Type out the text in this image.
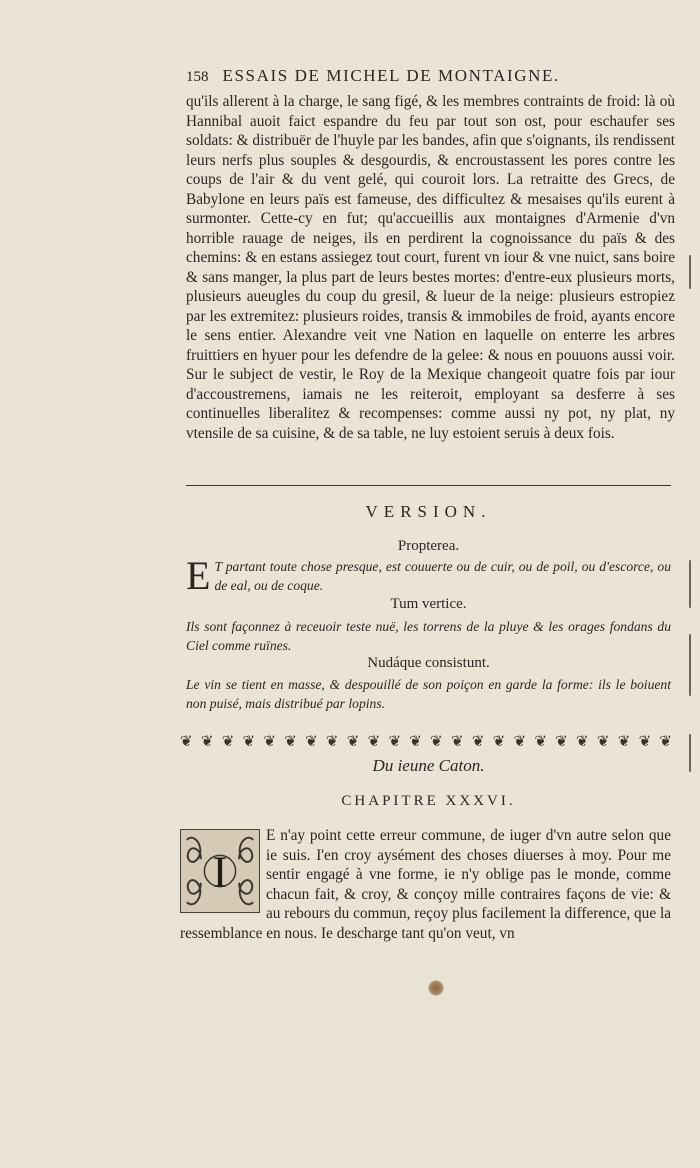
158 ESSAIS DE MICHEL DE MONTAIGNE.

qu'ils allerent à la charge, le sang figé, & les membres contraints de froid: là où Hannibal auoit faict espandre du feu par tout son ost, pour eschaufer ses soldats: & distribuër de l'huyle par les bandes, afin que s'oignants, ils rendissent leurs nerfs plus souples & desgourdis, & encroustassent les pores contre les coups de l'air & du vent gelé, qui couroit lors. La retraitte des Grecs, de Babylone en leurs païs est fameuse, des difficultez & mesaises qu'ils eurent à surmonter. Cette-cy en fut; qu'accueillis aux montaignes d'Armenie d'vn horrible rauage de neiges, ils en perdirent la cognoissance du païs & des chemins: & en estans assiegez tout court, furent vn iour & vne nuict, sans boire & sans manger, la plus part de leurs bestes mortes: d'entre-eux plusieurs morts, plusieurs aueugles du coup du gresil, & lueur de la neige: plusieurs estropiez par les extremitez: plusieurs roides, transis & immobiles de froid, ayants encore le sens entier. Alexandre veit vne Nation en laquelle on enterre les arbres fruittiers en hyuer pour les defendre de la gelee: & nous en pouuons aussi voir. Sur le subject de vestir, le Roy de la Mexique changeoit quatre fois par iour d'accoustremens, iamais ne les reiteroit, employant sa desferre à ses continuelles liberalitez & recompenses: comme aussi ny pot, ny plat, ny vtensile de sa cuisine, & de sa table, ne luy estoient seruis à deux fois.

VERSION.
Propterea.
E T partant toute chose presque, est couuerte ou de cuir, ou de poil, ou d'escorce, ou de eal, ou de coque.

Tum vertice.

Ils sont façonnez à receuoir teste nuë, les torrens de la pluye & les orages fondans du Ciel comme ruïnes.

Nudáque consistunt.

Le vin se tient en masse, & despouillé de son poiçon en garde la forme: ils le boiuent non puisé, mais distribué par lopins.

❦ ❦ ❦ ❦ ❦ ❦ ❦ ❦ ❦ ❦ ❦ ❦ ❦ ❦ ❦ ❦ ❦ ❦ ❦ ❦ ❦ ❦ ❦ ❦
Du ieune Caton.
CHAPITRE XXXVI.
I
E n'ay point cette erreur commune, de iuger d'vn autre selon que ie suis. I'en croy aysément des choses diuerses à moy. Pour me sentir engagé à vne forme, ie n'y oblige pas le monde, comme chacun fait, & croy, & conçoy mille contraires façons de vie: & au rebours du commun, reçoy plus facilement la difference, que la ressemblance en nous. Ie descharge tant qu'on veut, vn
